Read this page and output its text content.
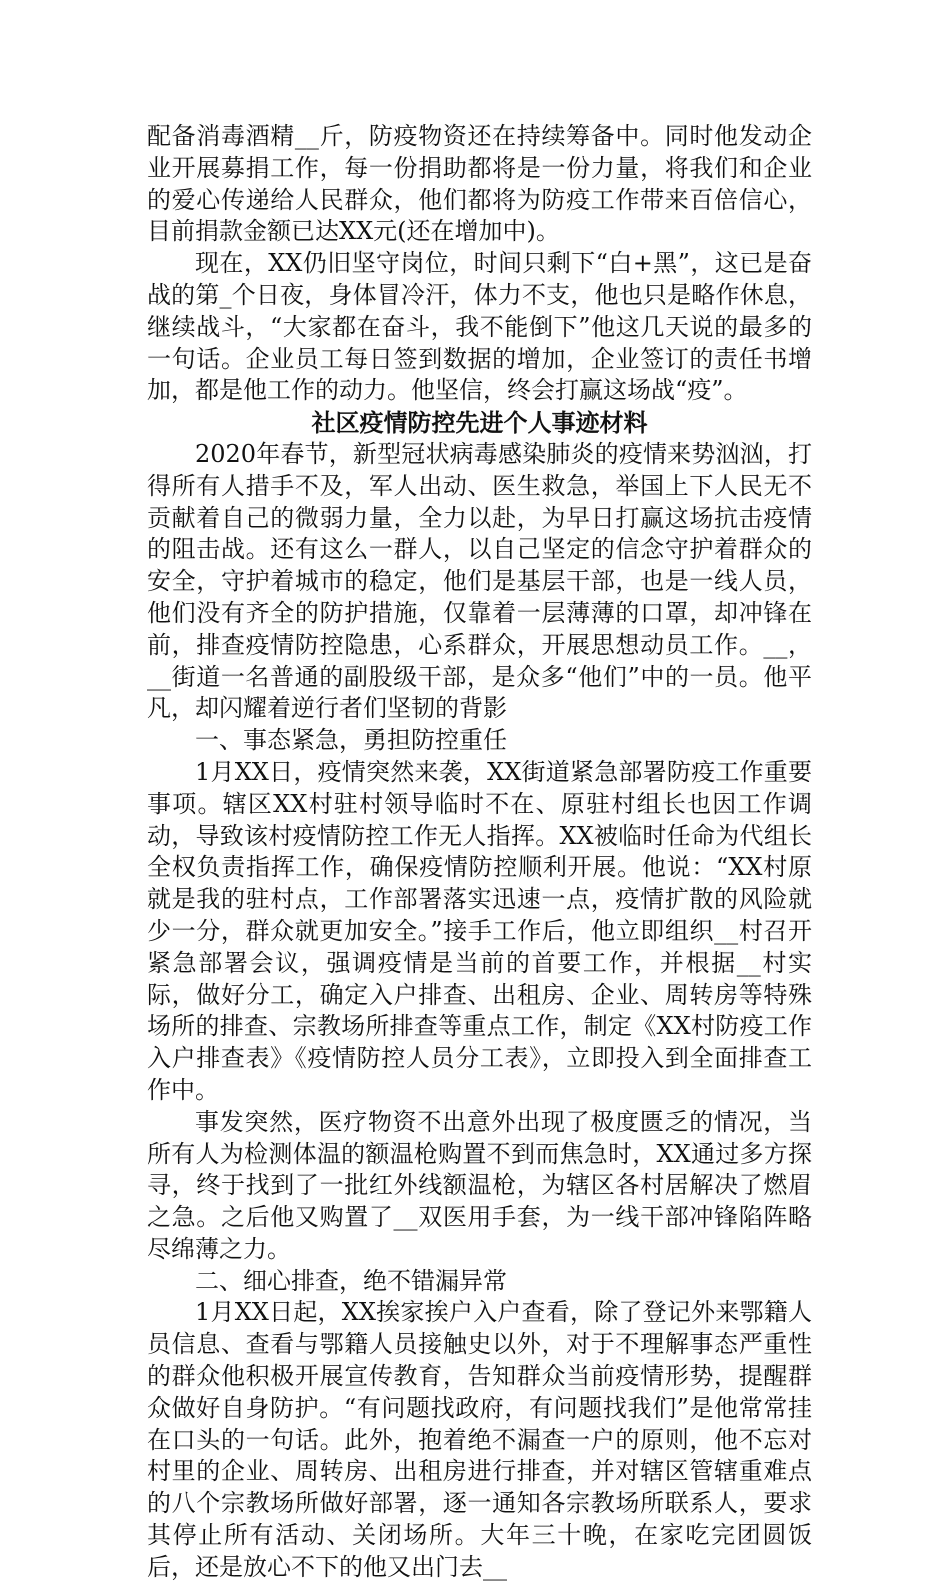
配备消毒酒精__斤，防疫物资还在持续筹备中。同时他发动企业开展募捐工作，每一份捐助都将是一份力量，将我们和企业的爱心传递给人民群众，他们都将为防疫工作带来百倍信心，目前捐款金额已达XX元(还在增加中)。

现在，XX仍旧坚守岗位，时间只剩下“白+黑”，这已是奋战的第_个日夜，身体冒冷汗，体力不支，他也只是略作休息，继续战斗，“大家都在奋斗，我不能倒下”他这几天说的最多的一句话。企业员工每日签到数据的增加，企业签订的责任书增加，都是他工作的动力。他坚信，终会打赢这场战“疫”。

社区疫情防控先进个人事迹材料

2020年春节，新型冠状病毒感染肺炎的疫情来势汹汹，打得所有人措手不及，军人出动、医生救急，举国上下人民无不贡献着自己的微弱力量，全力以赴，为早日打赢这场抗击疫情的阻击战。还有这么一群人，以自己坚定的信念守护着群众的安全，守护着城市的稳定，他们是基层干部，也是一线人员，他们没有齐全的防护措施，仅靠着一层薄薄的口罩，却冲锋在前，排查疫情防控隐患，心系群众，开展思想动员工作。__，__街道一名普通的副股级干部，是众多“他们”中的一员。他平凡，却闪耀着逆行者们坚韧的背影

一、事态紧急，勇担防控重任

1月XX日，疫情突然来袭，XX街道紧急部署防疫工作重要事项。辖区XX村驻村领导临时不在、原驻村组长也因工作调动，导致该村疫情防控工作无人指挥。XX被临时任命为代组长全权负责指挥工作，确保疫情防控顺利开展。他说：“XX村原就是我的驻村点，工作部署落实迅速一点，疫情扩散的风险就少一分，群众就更加安全。”接手工作后，他立即组织__村召开紧急部署会议，强调疫情是当前的首要工作，并根据__村实际，做好分工，确定入户排查、出租房、企业、周转房等特殊场所的排查、宗教场所排查等重点工作，制定《XX村防疫工作入户排查表》《疫情防控人员分工表》，立即投入到全面排查工作中。

事发突然，医疗物资不出意外出现了极度匮乏的情况，当所有人为检测体温的额温枪购置不到而焦急时，XX通过多方探寻，终于找到了一批红外线额温枪，为辖区各村居解决了燃眉之急。之后他又购置了__双医用手套，为一线干部冲锋陷阵略尽绵薄之力。

二、细心排查，绝不错漏异常

1月XX日起，XX挨家挨户入户查看，除了登记外来鄂籍人员信息、查看与鄂籍人员接触史以外，对于不理解事态严重性的群众他积极开展宣传教育，告知群众当前疫情形势，提醒群众做好自身防护。“有问题找政府，有问题找我们”是他常常挂在口头的一句话。此外，抱着绝不漏查一户的原则，他不忘对村里的企业、周转房、出租房进行排查，并对辖区管辖重难点的八个宗教场所做好部署，逐一通知各宗教场所联系人，要求其停止所有活动、关闭场所。大年三十晚，在家吃完团圆饭后，还是放心不下的他又出门去__
